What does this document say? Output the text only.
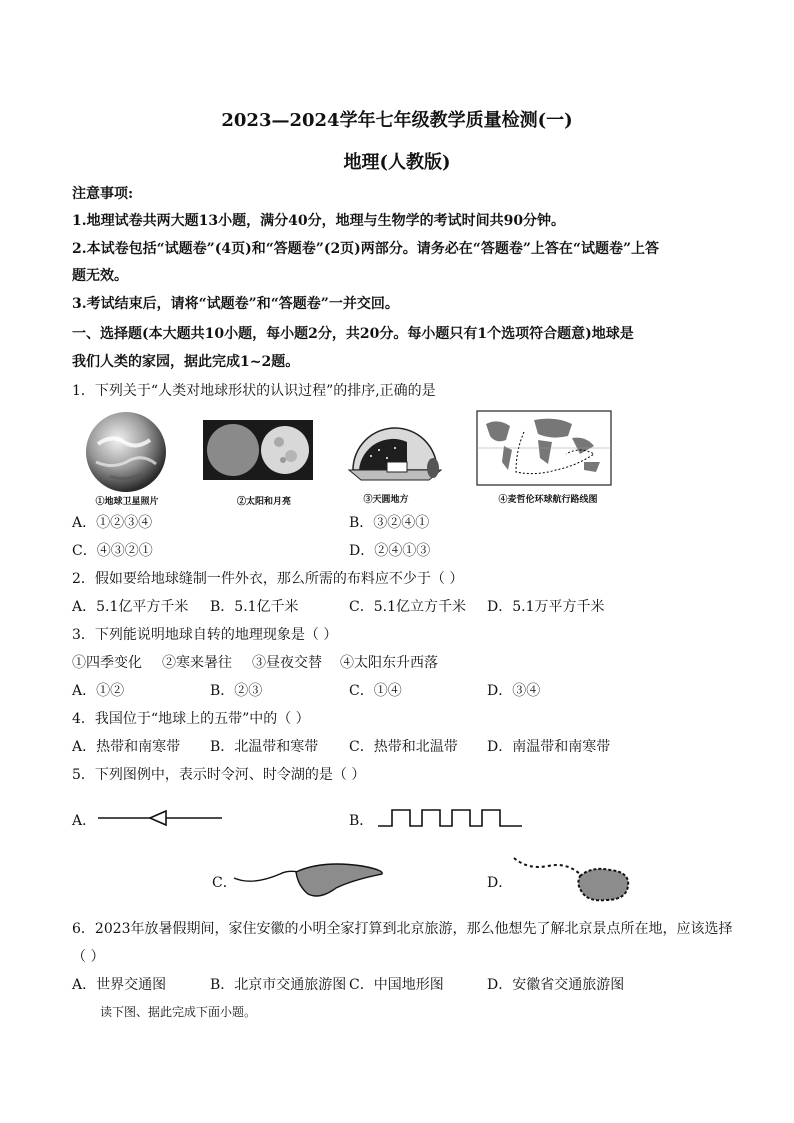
2023—2024学年七年级教学质量检测(一)
地理(人教版)
注意事项:
1.地理试卷共两大题13小题，满分40分，地理与生物学的考试时间共90分钟。
2.本试卷包括“试题卷”(4页)和“答题卷”(2页)两部分。请务必在“答题卷”上答在“试题卷”上答
题无效。
3.考试结束后，请将“试题卷”和“答题卷”一并交回。
一、选择题(本大题共10小题，每小题2分，共20分。每小题只有1个选项符合题意)地球是
我们人类的家园，据此完成1~2题。
1．下列关于“人类对地球形状的认识过程”的排序,正确的是
①地球卫星照片	②太阳和月亮	③天圆地方	④麦哲伦环球航行路线图
A．①②③④	B．③②④①
C．④③②①	D．②④①③
2．假如要给地球缝制一件外衣，那么所需的布料应不少于（ ）
A．5.1亿平方千米 B．5.1亿千米	C．5.1亿立方千米 D．5.1万平方千米
3．下列能说明地球自转的地理现象是（ ）
①四季变化 ②寒来暑往 ③昼夜交替 ④太阳东升西落
A．①②	B．②③	C．①④	D．③④
4．我国位于“地球上的五带”中的（ ）
A．热带和南寒带 B．北温带和寒带 C．热带和北温带 D．南温带和南寒带
5．下列图例中，表示时令河、时令湖的是（ ）
A．	B．
C．	D．
6．2023年放暑假期间，家住安徽的小明全家打算到北京旅游，那么他想先了解北京景点所在地，应该选择
（ ）
A．世界交通图	B．北京市交通旅游图 C．中国地形图	D．安徽省交通旅游图
读下图、据此完成下面小题。
